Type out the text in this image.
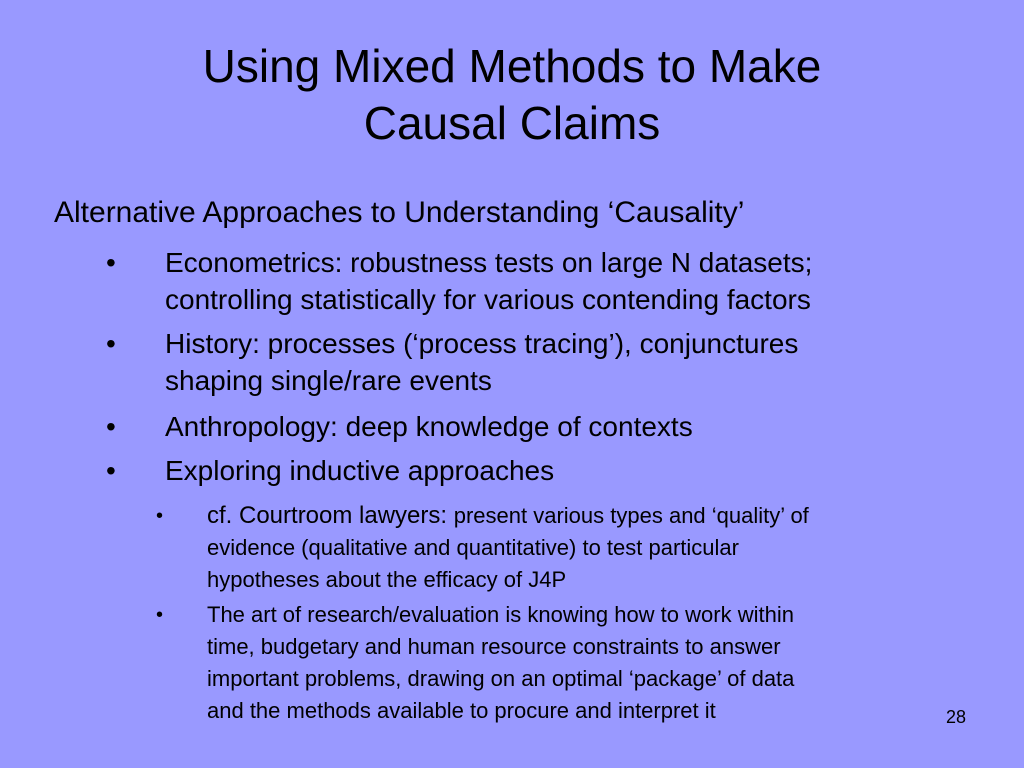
Using Mixed Methods to Make
Causal Claims
Alternative Approaches to Understanding ‘Causality’
• Econometrics: robustness tests on large N datasets;
controlling statistically for various contending factors
• History: processes (‘process tracing’), conjunctures
shaping single/rare events
• Anthropology: deep knowledge of contexts
• Exploring inductive approaches
• cf. Courtroom lawyers: present various types and ‘quality’ of
evidence (qualitative and quantitative) to test particular
hypotheses about the efficacy of J4P
• The art of research/evaluation is knowing how to work within
time, budgetary and human resource constraints to answer
important problems, drawing on an optimal ‘package’ of data
and the methods available to procure and interpret it	28
